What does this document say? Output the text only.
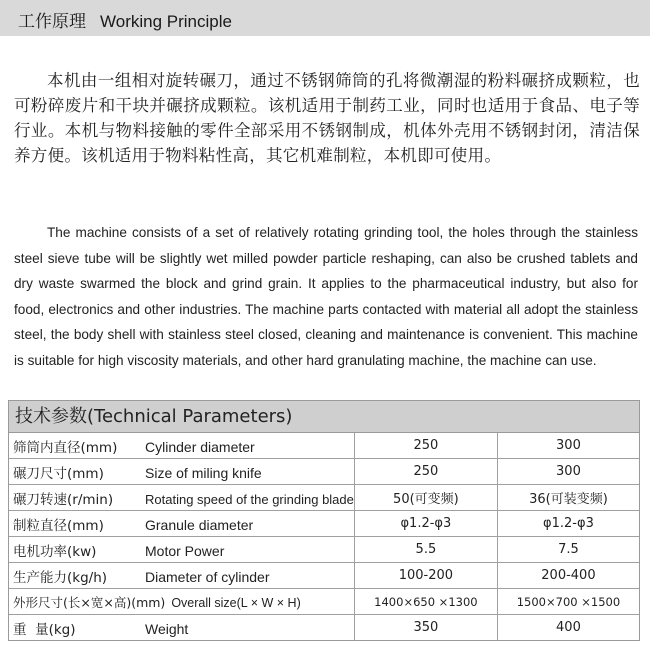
工作原理 Working Principle

本机由一组相对旋转碾刀，通过不锈钢筛筒的孔将微潮湿的粉料碾挤成颗粒，也可粉碎废片和干块并碾挤成颗粒。该机适用于制药工业，同时也适用于食品、电子等行业。本机与物料接触的零件全部采用不锈钢制成，机体外壳用不锈钢封闭，清洁保养方便。该机适用于物料粘性高，其它机难制粒，本机即可使用。

The machine consists of a set of relatively rotating grinding tool, the holes through the stainless steel sieve tube will be slightly wet milled powder particle reshaping, can also be crushed tablets and dry waste swarmed the block and grind grain. It applies to the pharmaceutical industry, but also for food, electronics and other industries. The machine parts contacted with material all adopt the stainless steel, the body shell with stainless steel closed, cleaning and maintenance is convenient. This machine is suitable for high viscosity materials, and other hard granulating machine, the machine can use.

技术参数(Technical Parameters)
筛筒内直径(mm) Cylinder diameter	250	300
碾刀尺寸(mm) Size of miling knife	250	300
碾刀转速(r/min) Rotating speed of the grinding blade	50(可变频)	36(可装变频)
制粒直径(mm) Granule diameter	φ1.2-φ3	φ1.2-φ3
电机功率(kw) Motor Power	5.5	7.5
生产能力(kg/h) Diameter of cylinder	100-200	200-400
外形尺寸(长×宽×高)(mm) Overall size(L × W × H)	1400×650 ×1300	1500×700 ×1500
重  量(kg) Weight	350	400
